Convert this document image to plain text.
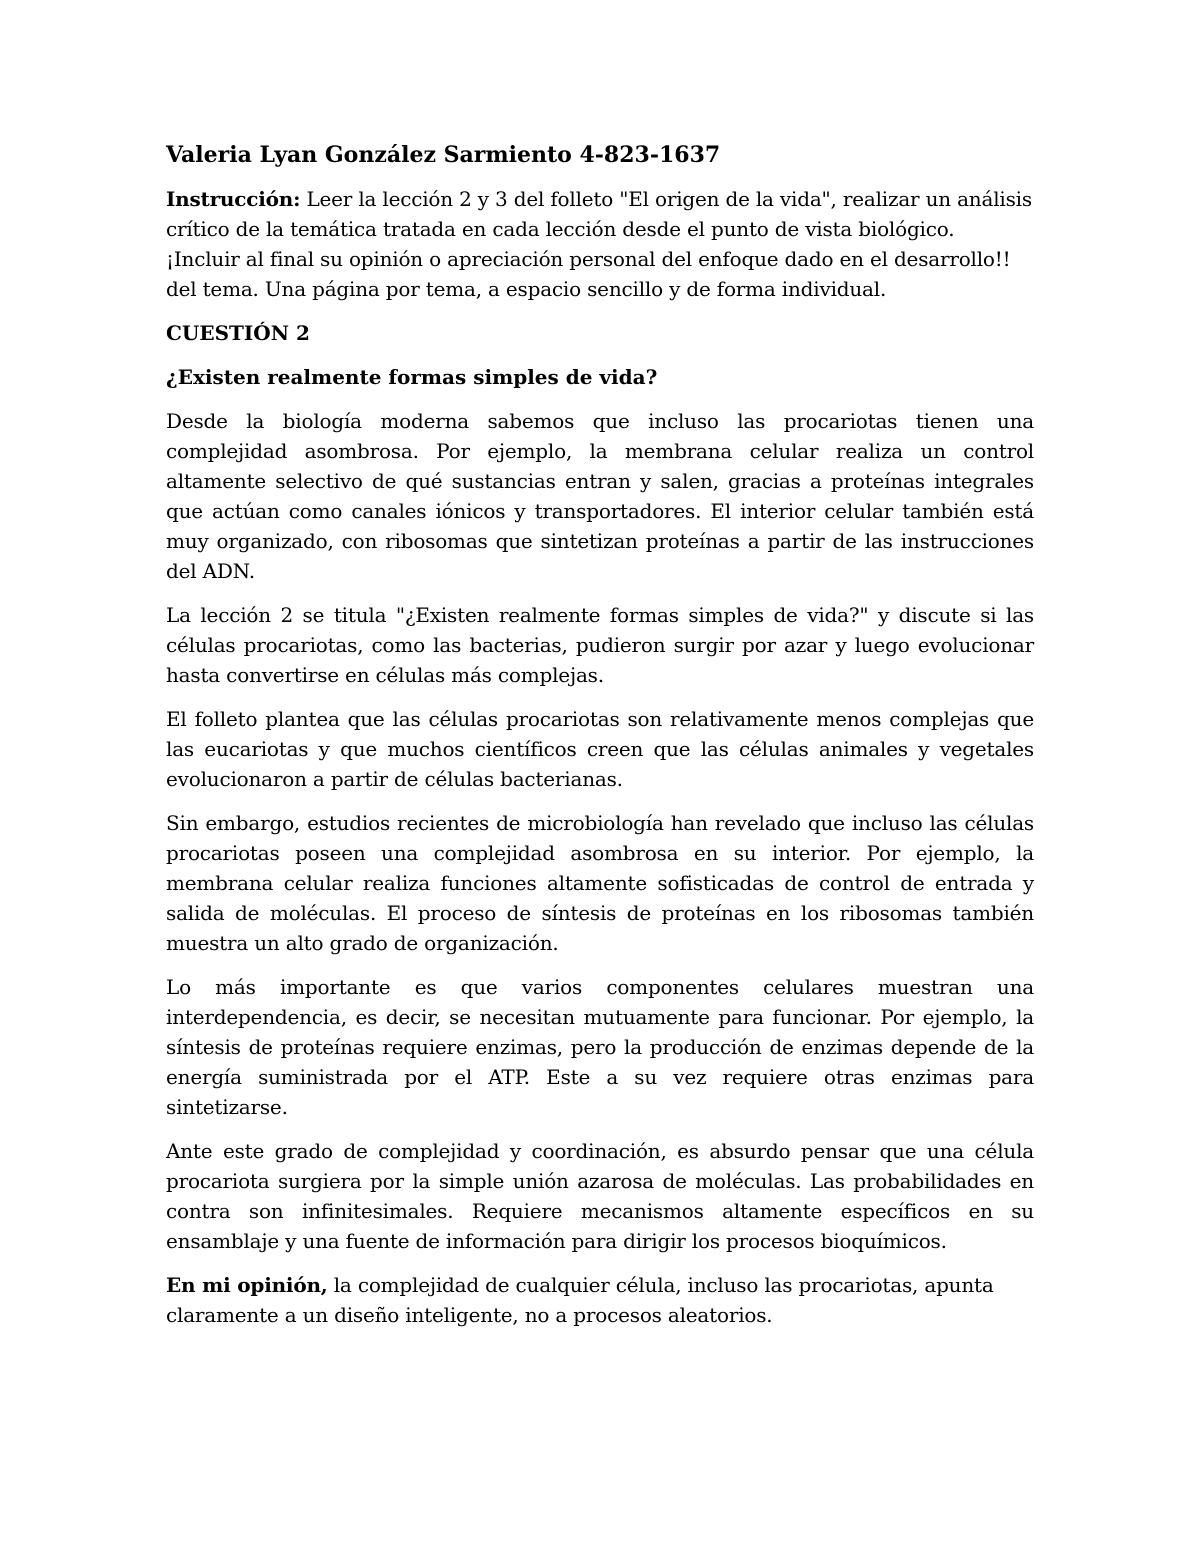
Valeria Lyan González Sarmiento 4-823-1637

Instrucción: Leer la lección 2 y 3 del folleto "El origen de la vida", realizar un análisis crítico de la temática tratada en cada lección desde el punto de vista biológico. ¡Incluir al final su opinión o apreciación personal del enfoque dado en el desarrollo!! del tema. Una página por tema, a espacio sencillo y de forma individual.

CUESTIÓN 2
¿Existen realmente formas simples de vida?

Desde la biología moderna sabemos que incluso las procariotas tienen una complejidad asombrosa. Por ejemplo, la membrana celular realiza un control altamente selectivo de qué sustancias entran y salen, gracias a proteínas integrales que actúan como canales iónicos y transportadores. El interior celular también está muy organizado, con ribosomas que sintetizan proteínas a partir de las instrucciones del ADN.

La lección 2 se titula "¿Existen realmente formas simples de vida?" y discute si las células procariotas, como las bacterias, pudieron surgir por azar y luego evolucionar hasta convertirse en células más complejas.

El folleto plantea que las células procariotas son relativamente menos complejas que las eucariotas y que muchos científicos creen que las células animales y vegetales evolucionaron a partir de células bacterianas.

Sin embargo, estudios recientes de microbiología han revelado que incluso las células procariotas poseen una complejidad asombrosa en su interior. Por ejemplo, la membrana celular realiza funciones altamente sofisticadas de control de entrada y salida de moléculas. El proceso de síntesis de proteínas en los ribosomas también muestra un alto grado de organización.

Lo más importante es que varios componentes celulares muestran una interdependencia, es decir, se necesitan mutuamente para funcionar. Por ejemplo, la síntesis de proteínas requiere enzimas, pero la producción de enzimas depende de la energía suministrada por el ATP. Este a su vez requiere otras enzimas para sintetizarse.

Ante este grado de complejidad y coordinación, es absurdo pensar que una célula procariota surgiera por la simple unión azarosa de moléculas. Las probabilidades en contra son infinitesimales. Requiere mecanismos altamente específicos en su ensamblaje y una fuente de información para dirigir los procesos bioquímicos.

En mi opinión, la complejidad de cualquier célula, incluso las procariotas, apunta claramente a un diseño inteligente, no a procesos aleatorios.
